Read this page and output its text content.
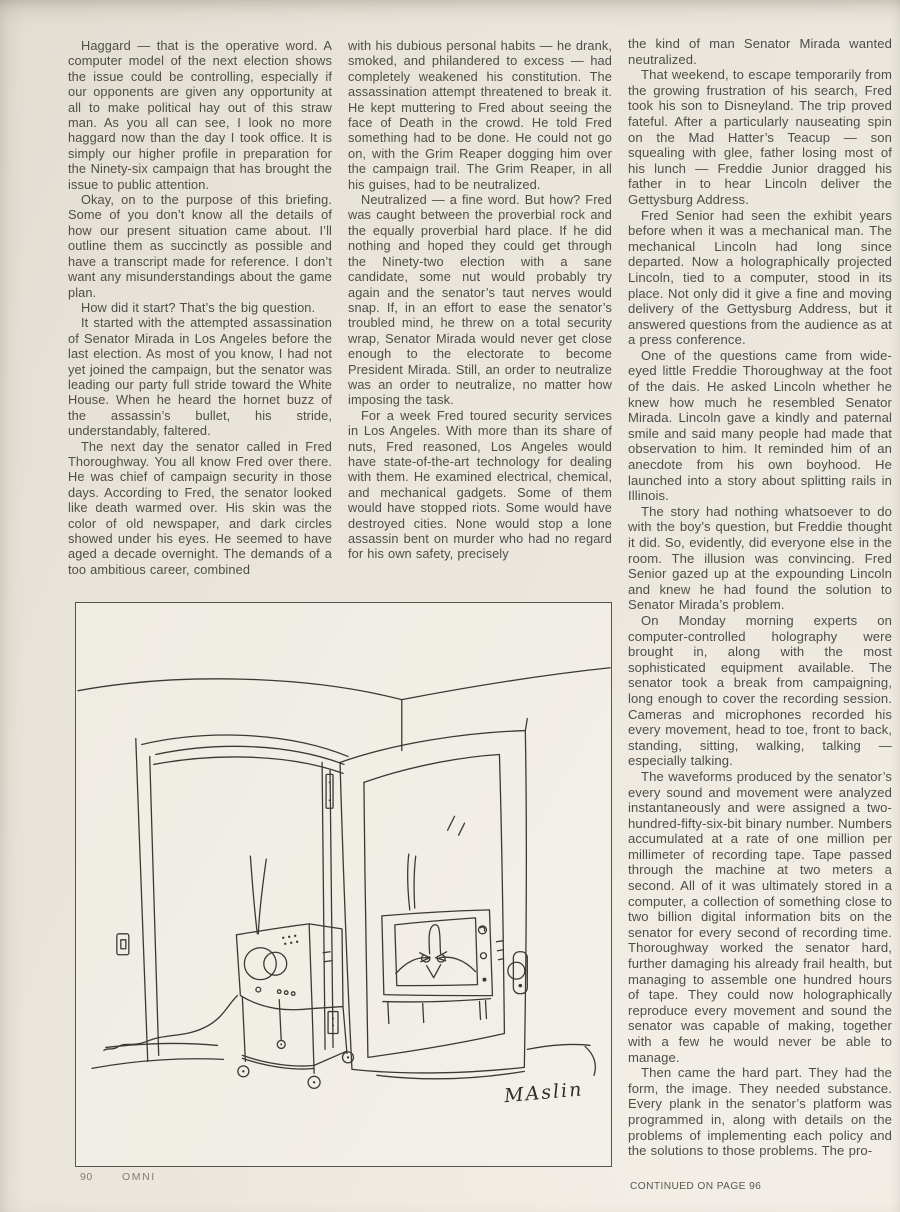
Haggard — that is the operative word. A computer model of the next election shows the issue could be controlling, especially if our opponents are given any opportunity at all to make political hay out of this straw man. As you all can see, I look no more haggard now than the day I took office. It is simply our higher profile in preparation for the Ninety-six campaign that has brought the issue to public attention.

Okay, on to the purpose of this briefing. Some of you don’t know all the details of how our present situation came about. I’ll outline them as succinctly as possible and have a transcript made for reference. I don’t want any misunderstandings about the game plan.

How did it start? That’s the big question.

It started with the attempted assassination of Senator Mirada in Los Angeles before the last election. As most of you know, I had not yet joined the campaign, but the senator was leading our party full stride toward the White House. When he heard the hornet buzz of the assassin’s bullet, his stride, understandably, faltered.

The next day the senator called in Fred Thoroughway. You all know Fred over there. He was chief of campaign security in those days. According to Fred, the senator looked like death warmed over. His skin was the color of old newspaper, and dark circles showed under his eyes. He seemed to have aged a decade overnight. The demands of a too ambitious career, combined

with his dubious personal habits — he drank, smoked, and philandered to excess — had completely weakened his constitution. The assassination attempt threatened to break it. He kept muttering to Fred about seeing the face of Death in the crowd. He told Fred something had to be done. He could not go on, with the Grim Reaper dogging him over the campaign trail. The Grim Reaper, in all his guises, had to be neutralized.

Neutralized — a fine word. But how? Fred was caught between the proverbial rock and the equally proverbial hard place. If he did nothing and hoped they could get through the Ninety-two election with a sane candidate, some nut would probably try again and the senator’s taut nerves would snap. If, in an effort to ease the senator’s troubled mind, he threw on a total security wrap, Senator Mirada would never get close enough to the electorate to become President Mirada. Still, an order to neutralize was an order to neutralize, no matter how imposing the task.

For a week Fred toured security services in Los Angeles. With more than its share of nuts, Fred reasoned, Los Angeles would have state-of-the-art technology for dealing with them. He examined electrical, chemical, and mechanical gadgets. Some of them would have stopped riots. Some would have destroyed cities. None would stop a lone assassin bent on murder who had no regard for his own safety, precisely

the kind of man Senator Mirada wanted neutralized.

That weekend, to escape temporarily from the growing frustration of his search, Fred took his son to Disneyland. The trip proved fateful. After a particularly nauseating spin on the Mad Hatter’s Teacup — son squealing with glee, father losing most of his lunch — Freddie Junior dragged his father in to hear Lincoln deliver the Gettysburg Address.

Fred Senior had seen the exhibit years before when it was a mechanical man. The mechanical Lincoln had long since departed. Now a holographically projected Lincoln, tied to a computer, stood in its place. Not only did it give a fine and moving delivery of the Gettysburg Address, but it answered questions from the audience as at a press conference.

One of the questions came from wide-eyed little Freddie Thoroughway at the foot of the dais. He asked Lincoln whether he knew how much he resembled Senator Mirada. Lincoln gave a kindly and paternal smile and said many people had made that observation to him. It reminded him of an anecdote from his own boyhood. He launched into a story about splitting rails in Illinois.

The story had nothing whatsoever to do with the boy’s question, but Freddie thought it did. So, evidently, did everyone else in the room. The illusion was convincing. Fred Senior gazed up at the expounding Lincoln and knew he had found the solution to Senator Mirada’s problem.

On Monday morning experts on computer-controlled holography were brought in, along with the most sophisticated equipment available. The senator took a break from campaigning, long enough to cover the recording session. Cameras and microphones recorded his every movement, head to toe, front to back, standing, sitting, walking, talking — especially talking.

The waveforms produced by the senator’s every sound and movement were analyzed instantaneously and were assigned a two-hundred-fifty-six-bit binary number. Numbers accumulated at a rate of one million per millimeter of recording tape. Tape passed through the machine at two meters a second. All of it was ultimately stored in a computer, a collection of something close to two billion digital information bits on the senator for every second of recording time. Thoroughway worked the senator hard, further damaging his already frail health, but managing to assemble one hundred hours of tape. They could now holographically reproduce every movement and sound the senator was capable of making, together with a few he would never be able to manage.

Then came the hard part. They had the form, the image. They needed substance. Every plank in the senator’s platform was programmed in, along with details on the problems of implementing each policy and the solutions to those problems. The pro-

MAslin
90	OMNI
CONTINUED ON PAGE 96
